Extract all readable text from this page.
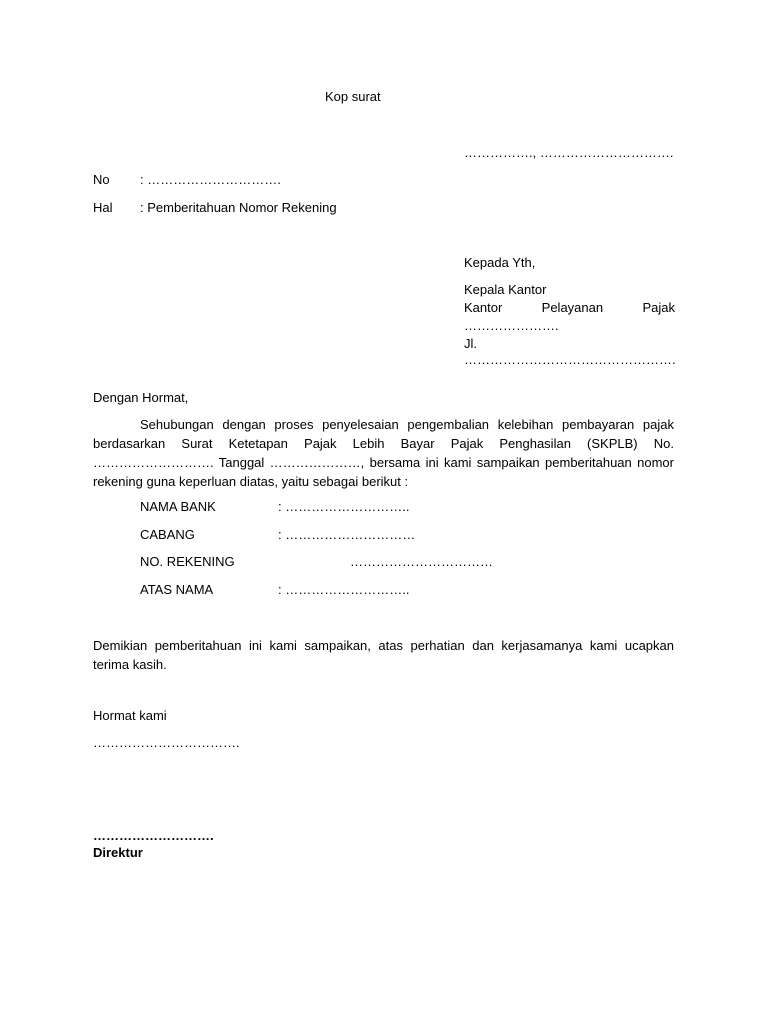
Kop surat
……………., ………………………….
No : ………………………….
Hal : Pemberitahuan Nomor Rekening
Kepada Yth,
Kepala Kantor
Kantor	Pelayanan	Pajak
………………….
Jl. ………………………………………….
Dengan Hormat,
Sehubungan dengan proses penyelesaian pengembalian kelebihan pembayaran pajak berdasarkan Surat Ketetapan Pajak Lebih Bayar Pajak Penghasilan (SKPLB) No. ………………………. Tanggal …………………, bersama ini kami sampaikan pemberitahuan nomor rekening guna keperluan diatas, yaitu sebagai berikut :
NAMA BANK	: ………………………..
CABANG	: …………………………
NO. REKENING	……………………………
ATAS NAMA	: ………………………..
Demikian pemberitahuan ini kami sampaikan, atas perhatian dan kerjasamanya kami ucapkan terima kasih.
Hormat kami
…………………………….
……………………….
Direktur
